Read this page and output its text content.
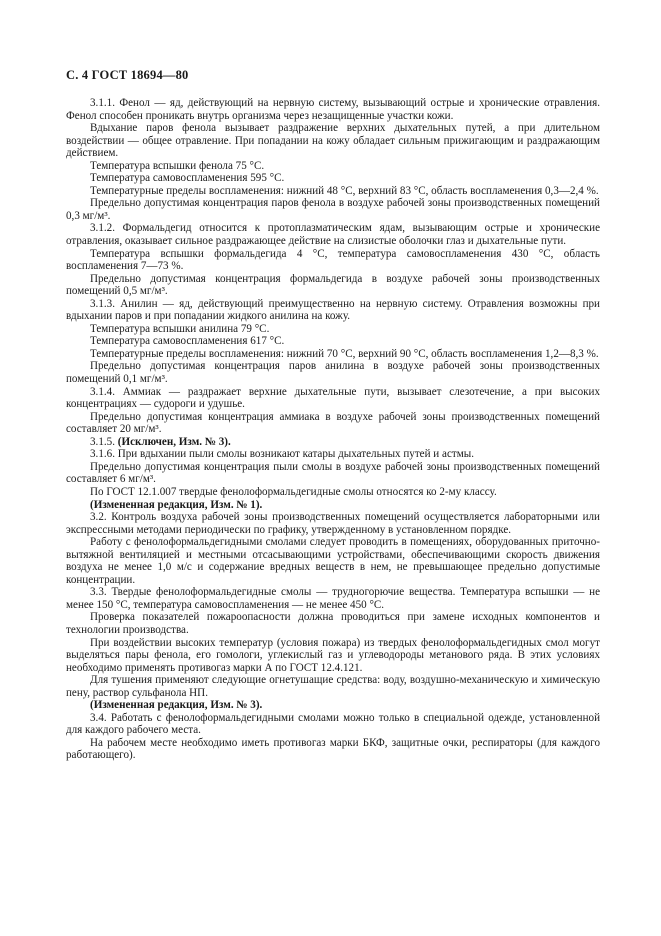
С. 4 ГОСТ 18694—80

3.1.1. Фенол — яд, действующий на нервную систему, вызывающий острые и хронические отравления. Фенол способен проникать внутрь организма через незащищенные участки кожи.

Вдыхание паров фенола вызывает раздражение верхних дыхательных путей, а при длительном воздействии — общее отравление. При попадании на кожу обладает сильным прижигающим и раздражающим действием.

Температура вспышки фенола 75 °С.

Температура самовоспламенения 595 °С.

Температурные пределы воспламенения: нижний 48 °С, верхний 83 °С, область воспламенения 0,3—2,4 %.

Предельно допустимая концентрация паров фенола в воздухе рабочей зоны производственных помещений 0,3 мг/м³.

3.1.2. Формальдегид относится к протоплазматическим ядам, вызывающим острые и хронические отравления, оказывает сильное раздражающее действие на слизистые оболочки глаз и дыхательные пути.

Температура вспышки формальдегида 4 °С, температура самовоспламенения 430 °С, область воспламенения 7—73 %.

Предельно допустимая концентрация формальдегида в воздухе рабочей зоны производственных помещений 0,5 мг/м³.

3.1.3. Анилин — яд, действующий преимущественно на нервную систему. Отравления возможны при вдыхании паров и при попадании жидкого анилина на кожу.

Температура вспышки анилина 79 °С.

Температура самовоспламенения 617 °С.

Температурные пределы воспламенения: нижний 70 °С, верхний 90 °С, область воспламенения 1,2—8,3 %.

Предельно допустимая концентрация паров анилина в воздухе рабочей зоны производственных помещений 0,1 мг/м³.

3.1.4. Аммиак — раздражает верхние дыхательные пути, вызывает слезотечение, а при высоких концентрациях — судороги и удушье.

Предельно допустимая концентрация аммиака в воздухе рабочей зоны производственных помещений составляет 20 мг/м³.

3.1.5. (Исключен, Изм. № 3).

3.1.6. При вдыхании пыли смолы возникают катары дыхательных путей и астмы.

Предельно допустимая концентрация пыли смолы в воздухе рабочей зоны производственных помещений составляет 6 мг/м³.

По ГОСТ 12.1.007 твердые фенолоформальдегидные смолы относятся ко 2-му классу.

(Измененная редакция, Изм. № 1).

3.2. Контроль воздуха рабочей зоны производственных помещений осуществляется лабораторными или экспрессными методами периодически по графику, утвержденному в установленном порядке.

Работу с фенолоформальдегидными смолами следует проводить в помещениях, оборудованных приточно-вытяжной вентиляцией и местными отсасывающими устройствами, обеспечивающими скорость движения воздуха не менее 1,0 м/с и содержание вредных веществ в нем, не превышающее предельно допустимые концентрации.

3.3. Твердые фенолоформальдегидные смолы — трудногорючие вещества. Температура вспышки — не менее 150 °С, температура самовоспламенения — не менее 450 °С.

Проверка показателей пожароопасности должна проводиться при замене исходных компонентов и технологии производства.

При воздействии высоких температур (условия пожара) из твердых фенолоформальдегидных смол могут выделяться пары фенола, его гомологи, углекислый газ и углеводороды метанового ряда. В этих условиях необходимо применять противогаз марки А по ГОСТ 12.4.121.

Для тушения применяют следующие огнетушащие средства: воду, воздушно-механическую и химическую пену, раствор сульфанола НП.

(Измененная редакция, Изм. № 3).

3.4. Работать с фенолоформальдегидными смолами можно только в специальной одежде, установленной для каждого рабочего места.

На рабочем месте необходимо иметь противогаз марки БКФ, защитные очки, респираторы (для каждого работающего).
